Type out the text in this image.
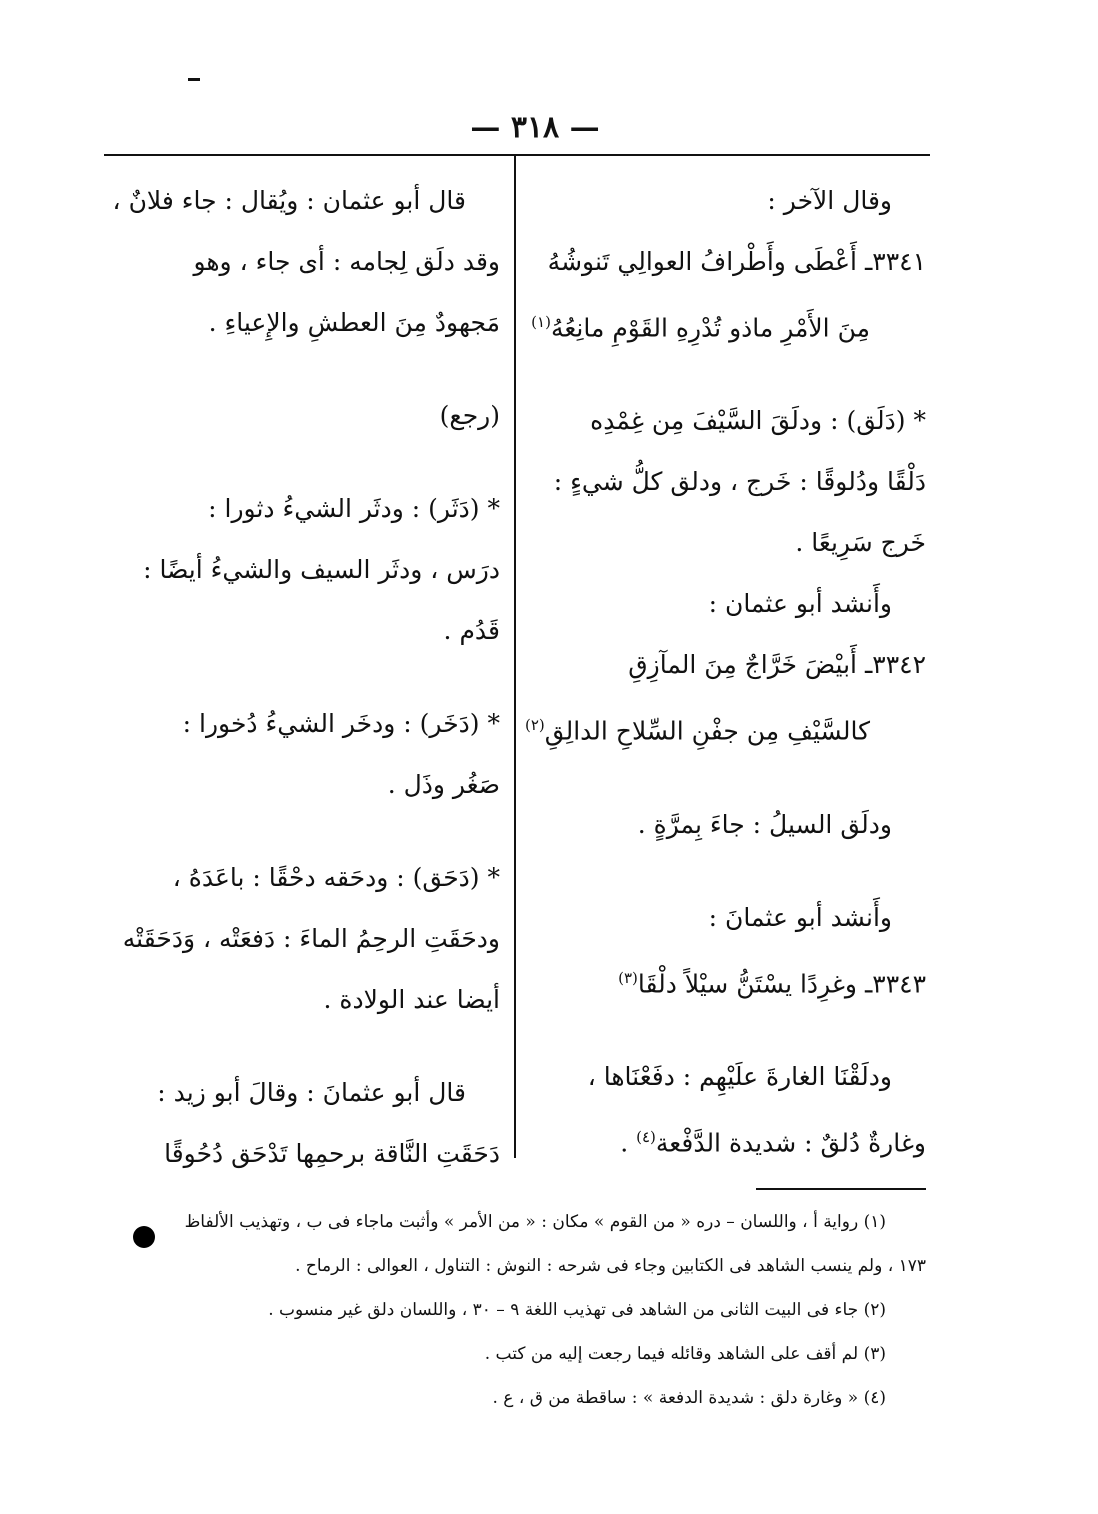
— ٣١٨ —
وقال الآخر :
٣٣٤١ـ أَعْطَى وأَطْرافُ العوالِي تَنوشُهُ
مِنَ الأَمْرِ ماذو تُدْرِهِ القَوْمِ مانِعُهُ$^{(١)}$
* (دَلَق) : ودلَقَ السَّيْفَ مِن غِمْدِه
دَلْقًا ودُلوقًا : خَرج ، ودلق كلُّ شيءٍ :
خَرج سَرِيعًا .
وأَنشد أبو عثمان :
٣٣٤٢ـ أَبيْضَ خَرَّاجٌ مِنَ المآزِقِ
كالسَّيْفِ مِن جفْنِ السِّلاحِ الدالِقِ$^{(٢)}$
ودلَق السيلُ : جاءَ بِمرَّةٍ .
وأَنشد أبو عثمانَ :
٣٣٤٣ـ وغرِدًا يسْتَنُّ سيْلاً دلْقَا$^{(٣)}$
ودلَقْنَا الغارةَ علَيْهِم : دفَعْنَاها ،
وغارةٌ دُلقٌ : شديدة الدَّفْعة$^{(٤)}$ .
قال أبو عثمان : ويُقال : جاء فلانٌ ،
وقد دلَق لِجامه : أى جاء ، وهو
مَجهودٌ مِنَ العطشِ والإِعياءِ .
(رجع)
* (دَثَر) : ودثَر الشيءُ دثورا :
درَس ، ودثَر السيف والشيءُ أيضًا :
قَدُم .
* (دَخَر) : ودخَر الشيءُ دُخورا :
صَغُر وذَل .
* (دَحَق) : ودحَقه دحْقًا : باعَدَهُ ،
ودحَقَتِ الرحِمُ الماءَ : دَفعَتْه ، وَدَحَقَتْه
أيضا عند الولادة .
قال أبو عثمانَ : وقالَ أبو زيد :
دَحَقَتِ النَّاقة برحمِها تَدْحَق دُحُوقًا
(١) رواية أ ، واللسان – دره « من القوم » مكان : « من الأمر » وأثبت ماجاء فى ب ، وتهذيب الألفاظ
١٧٣ ، ولم ينسب الشاهد فى الكتابين وجاء فى شرحه : النوش : التناول ، العوالى : الرماح .
(٢) جاء فى البيت الثانى من الشاهد فى تهذيب اللغة ٩ – ٣٠ ، واللسان دلق غير منسوب .
(٣) لم أقف على الشاهد وقائله فيما رجعت إليه من كتب .
(٤) « وغارة دلق : شديدة الدفعة » : ساقطة من ق ، ع .
